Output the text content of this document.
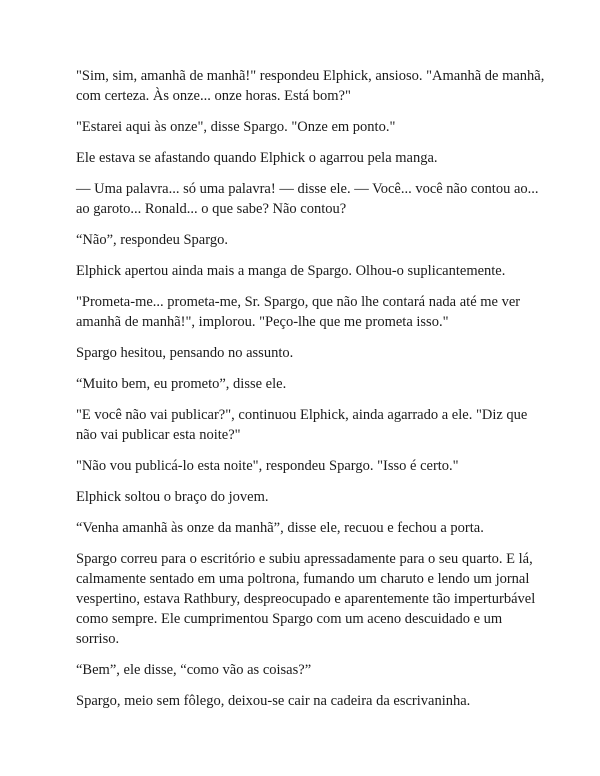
"Sim, sim, amanhã de manhã!" respondeu Elphick, ansioso. "Amanhã de manhã, com certeza. Às onze... onze horas. Está bom?"

"Estarei aqui às onze", disse Spargo. "Onze em ponto."

Ele estava se afastando quando Elphick o agarrou pela manga.

— Uma palavra... só uma palavra! — disse ele. — Você... você não contou ao... ao garoto... Ronald... o que sabe? Não contou?

“Não”, respondeu Spargo.

Elphick apertou ainda mais a manga de Spargo. Olhou-o suplicantemente.

"Prometa-me... prometa-me, Sr. Spargo, que não lhe contará nada até me ver amanhã de manhã!", implorou. "Peço-lhe que me prometa isso."

Spargo hesitou, pensando no assunto.

“Muito bem, eu prometo”, disse ele.

"E você não vai publicar?", continuou Elphick, ainda agarrado a ele. "Diz que não vai publicar esta noite?"

"Não vou publicá-lo esta noite", respondeu Spargo. "Isso é certo."

Elphick soltou o braço do jovem.

“Venha amanhã às onze da manhã”, disse ele, recuou e fechou a porta.

Spargo correu para o escritório e subiu apressadamente para o seu quarto. E lá, calmamente sentado em uma poltrona, fumando um charuto e lendo um jornal vespertino, estava Rathbury, despreocupado e aparentemente tão imperturbável como sempre. Ele cumprimentou Spargo com um aceno descuidado e um sorriso.

“Bem”, ele disse, “como vão as coisas?”

Spargo, meio sem fôlego, deixou-se cair na cadeira da escrivaninha.
